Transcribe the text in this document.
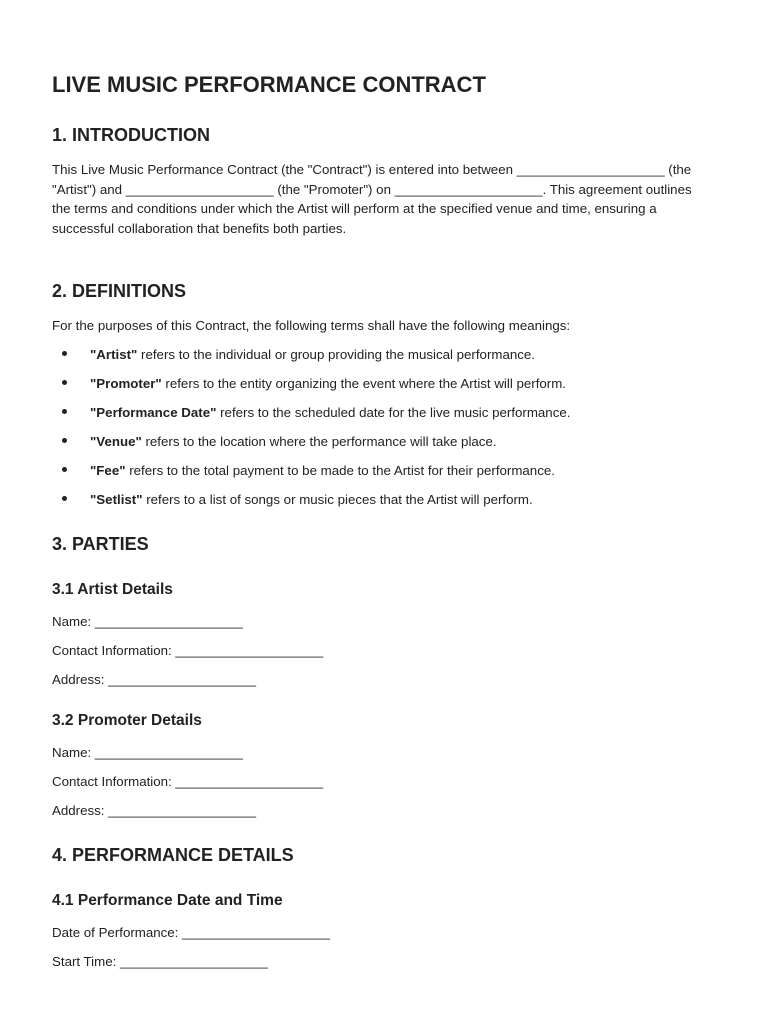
LIVE MUSIC PERFORMANCE CONTRACT
1. INTRODUCTION
This Live Music Performance Contract (the "Contract") is entered into between ____________________ (the "Artist") and ____________________ (the "Promoter") on ____________________. This agreement outlines the terms and conditions under which the Artist will perform at the specified venue and time, ensuring a successful collaboration that benefits both parties.
2. DEFINITIONS
For the purposes of this Contract, the following terms shall have the following meanings:
"Artist" refers to the individual or group providing the musical performance.
"Promoter" refers to the entity organizing the event where the Artist will perform.
"Performance Date" refers to the scheduled date for the live music performance.
"Venue" refers to the location where the performance will take place.
"Fee" refers to the total payment to be made to the Artist for their performance.
"Setlist" refers to a list of songs or music pieces that the Artist will perform.
3. PARTIES
3.1 Artist Details
Name: ____________________
Contact Information: ____________________
Address: ____________________
3.2 Promoter Details
Name: ____________________
Contact Information: ____________________
Address: ____________________
4. PERFORMANCE DETAILS
4.1 Performance Date and Time
Date of Performance: ____________________
Start Time: ____________________
